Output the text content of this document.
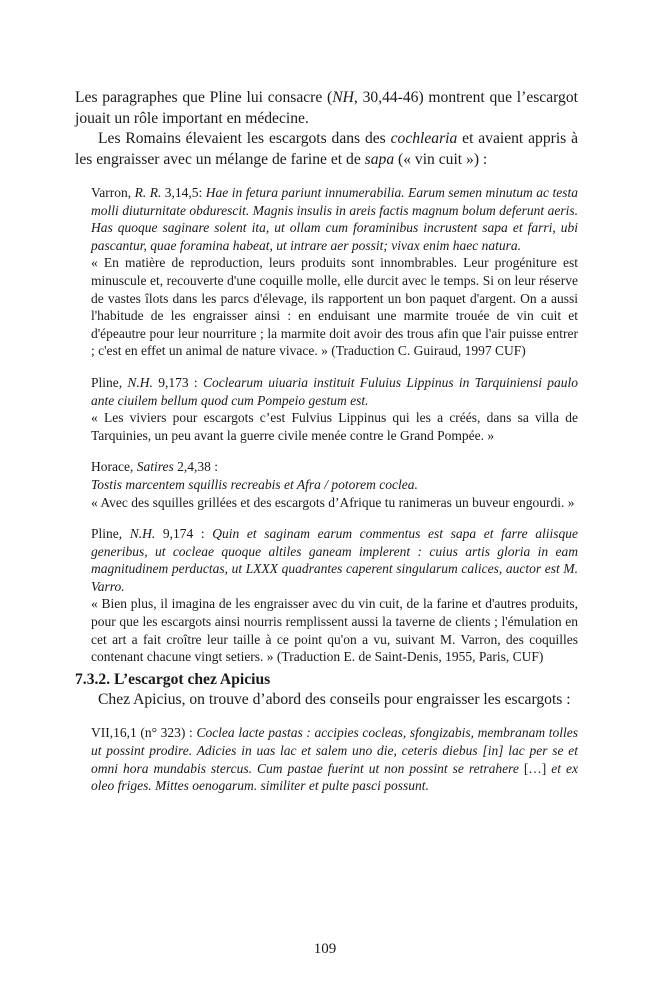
Les paragraphes que Pline lui consacre (NH, 30,44-46) montrent que l’escargot jouait un rôle important en médecine.

Les Romains élevaient les escargots dans des cochlearia et avaient appris à les engraisser avec un mélange de farine et de sapa (« vin cuit ») :

Varron, R. R. 3,14,5: Hae in fetura pariunt innumerabilia. Earum semen minutum ac testa molli diuturnitate obdurescit. Magnis insulis in areis factis magnum bolum deferunt aeris. Has quoque saginare solent ita, ut ollam cum foraminibus incrustent sapa et farri, ubi pascantur, quae foramina habeat, ut intrare aer possit; vivax enim haec natura.

« En matière de reproduction, leurs produits sont innombrables. Leur progéniture est minuscule et, recouverte d'une coquille molle, elle durcit avec le temps. Si on leur réserve de vastes îlots dans les parcs d'élevage, ils rapportent un bon paquet d'argent. On a aussi l'habitude de les engraisser ainsi : en enduisant une marmite trouée de vin cuit et d'épeautre pour leur nourriture ; la marmite doit avoir des trous afin que l'air puisse entrer ; c'est en effet un animal de nature vivace. » (Traduction C. Guiraud, 1997 CUF)

Pline, N.H. 9,173 : Coclearum uiuaria instituit Fuluius Lippinus in Tarquiniensi paulo ante ciuilem bellum quod cum Pompeio gestum est.

« Les viviers pour escargots c’est Fulvius Lippinus qui les a créés, dans sa villa de Tarquinies, un peu avant la guerre civile menée contre le Grand Pompée. »

Horace, Satires 2,4,38 :

Tostis marcentem squillis recreabis et Afra / potorem coclea.

« Avec des squilles grillées et des escargots d’Afrique tu ranimeras un buveur engourdi. »

Pline, N.H. 9,174 : Quin et saginam earum commentus est sapa et farre aliisque generibus, ut cocleae quoque altiles ganeam implerent : cuius artis gloria in eam magnitudinem perductas, ut LXXX quadrantes caperent singularum calices, auctor est M. Varro.

« Bien plus, il imagina de les engraisser avec du vin cuit, de la farine et d'autres produits, pour que les escargots ainsi nourris remplissent aussi la taverne de clients ; l'émulation en cet art a fait croître leur taille à ce point qu'on a vu, suivant M. Varron, des coquilles contenant chacune vingt setiers. » (Traduction E. de Saint-Denis, 1955, Paris, CUF)

7.3.2. L’escargot chez Apicius

Chez Apicius, on trouve d’abord des conseils pour engraisser les escargots :

VII,16,1 (n° 323) : Coclea lacte pastas : accipies cocleas, sfongizabis, membranam tolles ut possint prodire. Adicies in uas lac et salem uno die, ceteris diebus [in] lac per se et omni hora mundabis stercus. Cum pastae fuerint ut non possint se retrahere […] et ex oleo friges. Mittes oenogarum. similiter et pulte pasci possunt.

109
